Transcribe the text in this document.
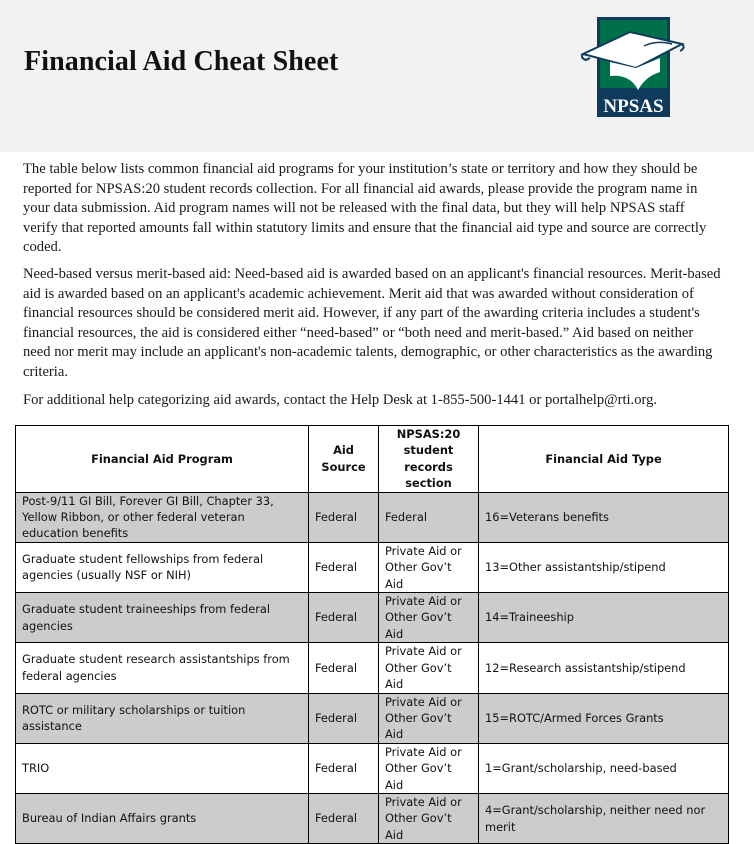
Financial Aid Cheat Sheet
NPSAS

The table below lists common financial aid programs for your institution’s state or territory and how they should be reported for NPSAS:20 student records collection. For all financial aid awards, please provide the program name in your data submission. Aid program names will not be released with the final data, but they will help NPSAS staff verify that reported amounts fall within statutory limits and ensure that the financial aid type and source are correctly coded.

Need-based versus merit-based aid: Need-based aid is awarded based on an applicant's financial resources. Merit-based aid is awarded based on an applicant's academic achievement. Merit aid that was awarded without consideration of financial resources should be considered merit aid. However, if any part of the awarding criteria includes a student's financial resources, the aid is considered either “need-based” or “both need and merit-based.” Aid based on neither need nor merit may include an applicant's non-academic talents, demographic, or other characteristics as the awarding criteria.

For additional help categorizing aid awards, contact the Help Desk at 1-855-500-1441 or portalhelp@rti.org.

Financial Aid Program	Aid Source	NPSAS:20 student records section	Financial Aid Type
Post-9/11 GI Bill, Forever GI Bill, Chapter 33, Yellow Ribbon, or other federal veteran education benefits	Federal	Federal	16=Veterans benefits
Graduate student fellowships from federal agencies (usually NSF or NIH)	Federal	Private Aid or Other Gov’t Aid	13=Other assistantship/stipend
Graduate student traineeships from federal agencies	Federal	Private Aid or Other Gov’t Aid	14=Traineeship
Graduate student research assistantships from federal agencies	Federal	Private Aid or Other Gov’t Aid	12=Research assistantship/stipend
ROTC or military scholarships or tuition assistance	Federal	Private Aid or Other Gov’t Aid	15=ROTC/Armed Forces Grants
TRIO	Federal	Private Aid or Other Gov’t Aid	1=Grant/scholarship, need-based
Bureau of Indian Affairs grants	Federal	Private Aid or Other Gov’t Aid	4=Grant/scholarship, neither need nor merit
